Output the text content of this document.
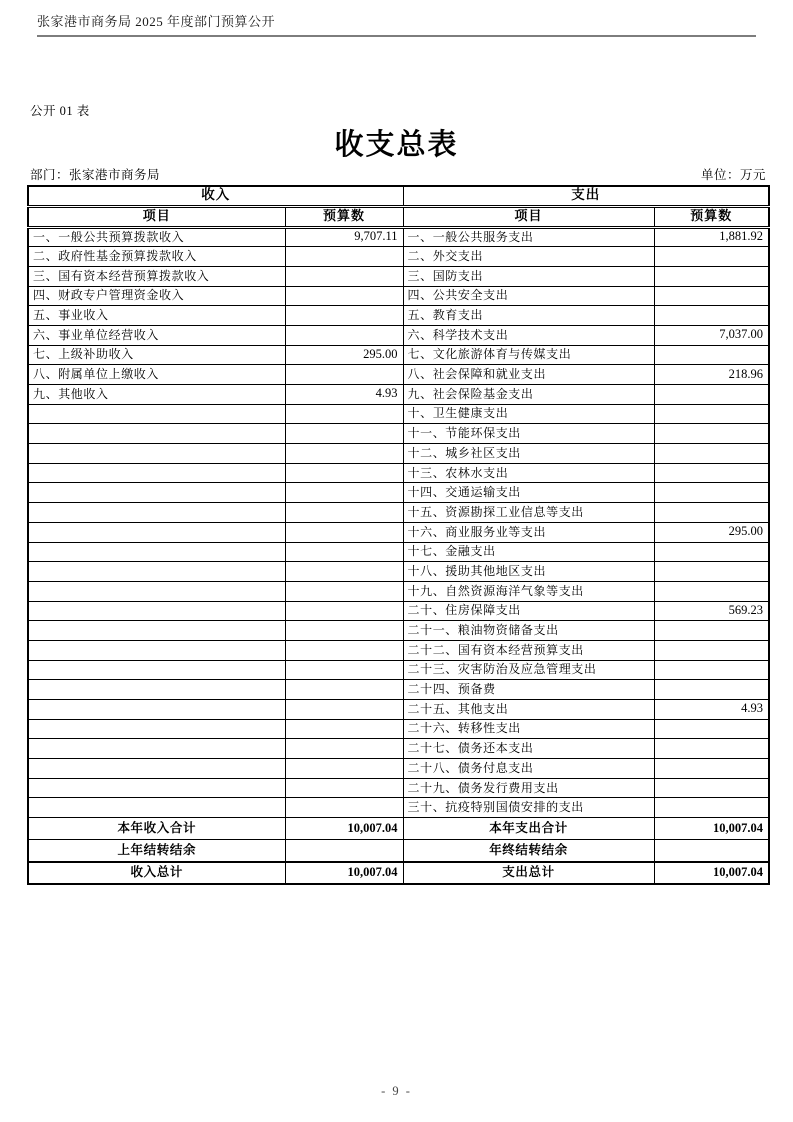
张家港市商务局 2025 年度部门预算公开
公开 01 表
收支总表
部门：张家港市商务局	单位：万元
收入		支出	
项目	预算数	项目	预算数
一、一般公共预算拨款收入	9,707.11	一、一般公共服务支出	1,881.92
二、政府性基金预算拨款收入		二、外交支出	
三、国有资本经营预算拨款收入		三、国防支出	
四、财政专户管理资金收入		四、公共安全支出	
五、事业收入		五、教育支出	
六、事业单位经营收入		六、科学技术支出	7,037.00
七、上级补助收入	295.00	七、文化旅游体育与传媒支出	
八、附属单位上缴收入		八、社会保障和就业支出	218.96
九、其他收入	4.93	九、社会保险基金支出	
		十、卫生健康支出	
		十一、节能环保支出	
		十二、城乡社区支出	
		十三、农林水支出	
		十四、交通运输支出	
		十五、资源勘探工业信息等支出	
		十六、商业服务业等支出	295.00
		十七、金融支出	
		十八、援助其他地区支出	
		十九、自然资源海洋气象等支出	
		二十、住房保障支出	569.23
		二十一、粮油物资储备支出	
		二十二、国有资本经营预算支出	
		二十三、灾害防治及应急管理支出	
		二十四、预备费	
		二十五、其他支出	4.93
		二十六、转移性支出	
		二十七、债务还本支出	
		二十八、债务付息支出	
		二十九、债务发行费用支出	
		三十、抗疫特别国债安排的支出	
本年收入合计	10,007.04	本年支出合计	10,007.04
上年结转结余		年终结转结余	
收入总计	10,007.04	支出总计	10,007.04
- 9 -
